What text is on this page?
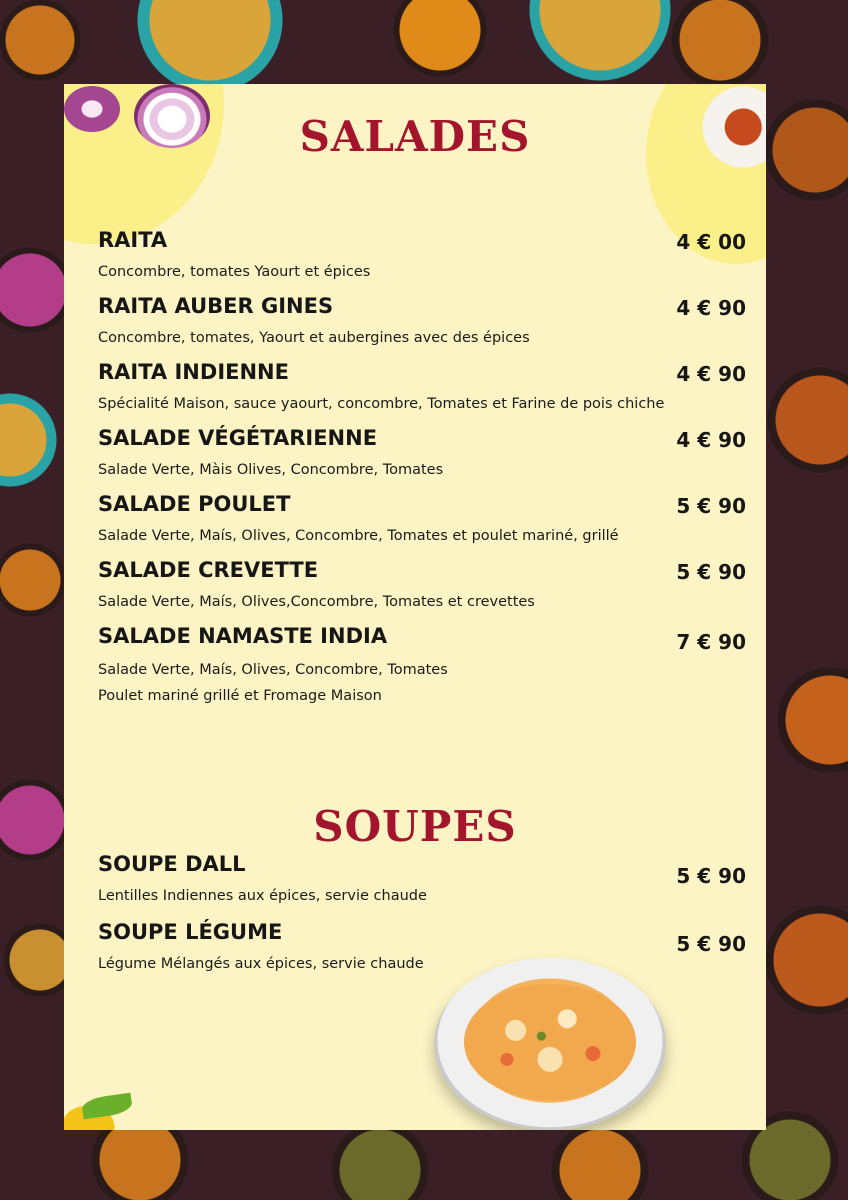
SALADES
RAITA	4 € 00
Concombre, tomates Yaourt et épices
RAITA AUBER GINES	4 € 90
Concombre, tomates, Yaourt et aubergines avec des épices
RAITA INDIENNE	4 € 90
Spécialité Maison, sauce yaourt, concombre, Tomates et Farine de pois chiche
SALADE VÉGÉTARIENNE	4 € 90
Salade Verte, Màis Olives, Concombre, Tomates
SALADE POULET	5 € 90
Salade Verte, Maís, Olives, Concombre, Tomates et poulet mariné, grillé
SALADE CREVETTE	5 € 90
Salade Verte, Maís, Olives,Concombre, Tomates et crevettes
SALADE NAMASTE INDIA	7 € 90
Salade Verte, Maís, Olives, Concombre, Tomates
Poulet mariné grillé et Fromage Maison
SOUPES
SOUPE DALL	5 € 90
Lentilles Indiennes aux épices, servie chaude
SOUPE LÉGUME	5 € 90
Légume Mélangés aux épices, servie chaude
